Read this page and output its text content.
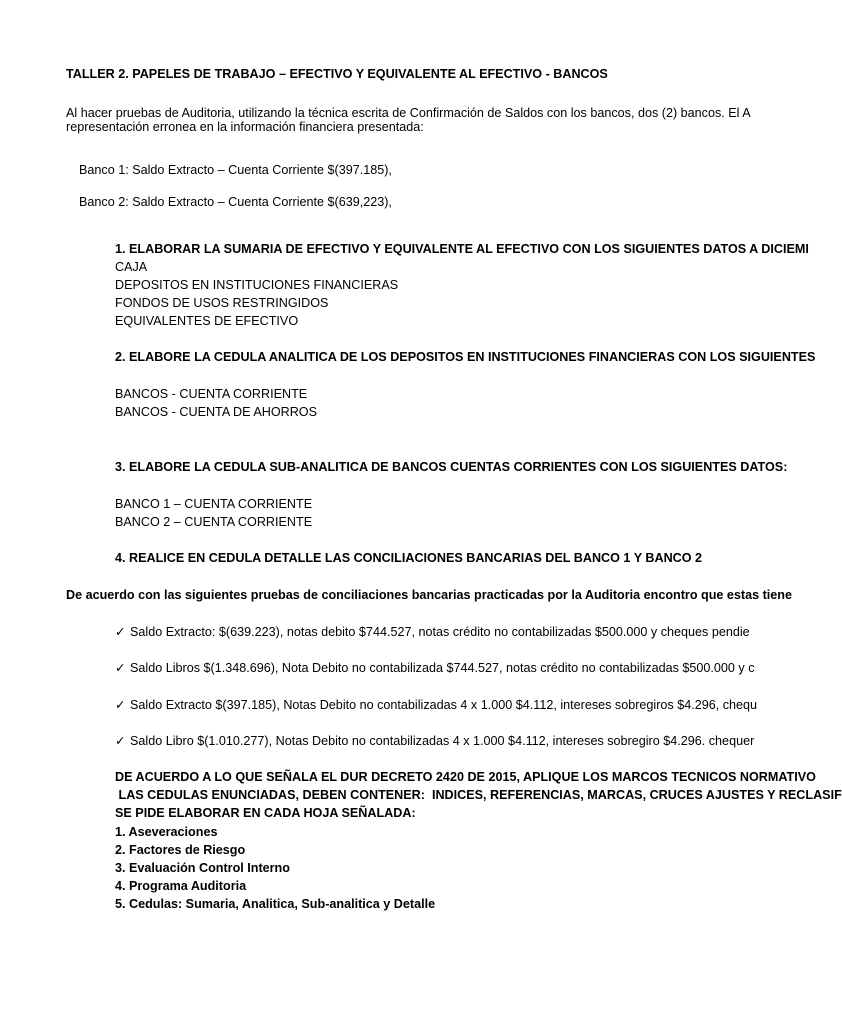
TALLER 2. PAPELES DE TRABAJO – EFECTIVO Y EQUIVALENTE AL EFECTIVO - BANCOS
Al hacer pruebas de Auditoria, utilizando la técnica escrita de Confirmación de Saldos con los bancos, dos (2) bancos. El A
representación erronea en la información financiera presentada:
Banco 1: Saldo Extracto – Cuenta Corriente $(397.185),
Banco 2: Saldo Extracto – Cuenta Corriente $(639,223),
1. ELABORAR LA SUMARIA DE EFECTIVO Y EQUIVALENTE AL EFECTIVO CON LOS SIGUIENTES DATOS A DICIEMI
CAJA
DEPOSITOS EN INSTITUCIONES FINANCIERAS
FONDOS DE USOS RESTRINGIDOS
EQUIVALENTES DE EFECTIVO
2. ELABORE LA CEDULA ANALITICA DE LOS DEPOSITOS EN INSTITUCIONES FINANCIERAS CON LOS SIGUIENTES
BANCOS - CUENTA CORRIENTE
BANCOS - CUENTA DE AHORROS
3. ELABORE LA CEDULA SUB-ANALITICA DE BANCOS CUENTAS CORRIENTES CON LOS SIGUIENTES DATOS:
BANCO 1 – CUENTA CORRIENTE
BANCO 2 – CUENTA CORRIENTE
4. REALICE EN CEDULA DETALLE LAS CONCILIACIONES BANCARIAS DEL BANCO 1 Y BANCO 2
De acuerdo con las siguientes pruebas de conciliaciones bancarias practicadas por la Auditoria encontro que estas tiene
✓ Saldo Extracto: $(639.223), notas debito $744.527, notas crédito no contabilizadas $500.000 y cheques pendie
✓ Saldo Libros $(1.348.696), Nota Debito no contabilizada $744.527, notas crédito no contabilizadas $500.000 y c
✓ Saldo Extracto $(397.185), Notas Debito no contabilizadas 4 x 1.000 $4.112, intereses sobregiros $4.296, chequ
✓ Saldo Libro $(1.010.277), Notas Debito no contabilizadas 4 x 1.000 $4.112, intereses sobregiro $4.296. chequer
DE ACUERDO A LO QUE SEÑALA EL DUR DECRETO 2420 DE 2015, APLIQUE LOS MARCOS TECNICOS NORMATIVO
LAS CEDULAS ENUNCIADAS, DEBEN CONTENER:  INDICES, REFERENCIAS, MARCAS, CRUCES AJUSTES Y RECLASIF
SE PIDE ELABORAR EN CADA HOJA SEÑALADA:
1. Aseveraciones
2. Factores de Riesgo
3. Evaluación Control Interno
4. Programa Auditoria
5. Cedulas: Sumaria, Analitica, Sub-analitica y Detalle
